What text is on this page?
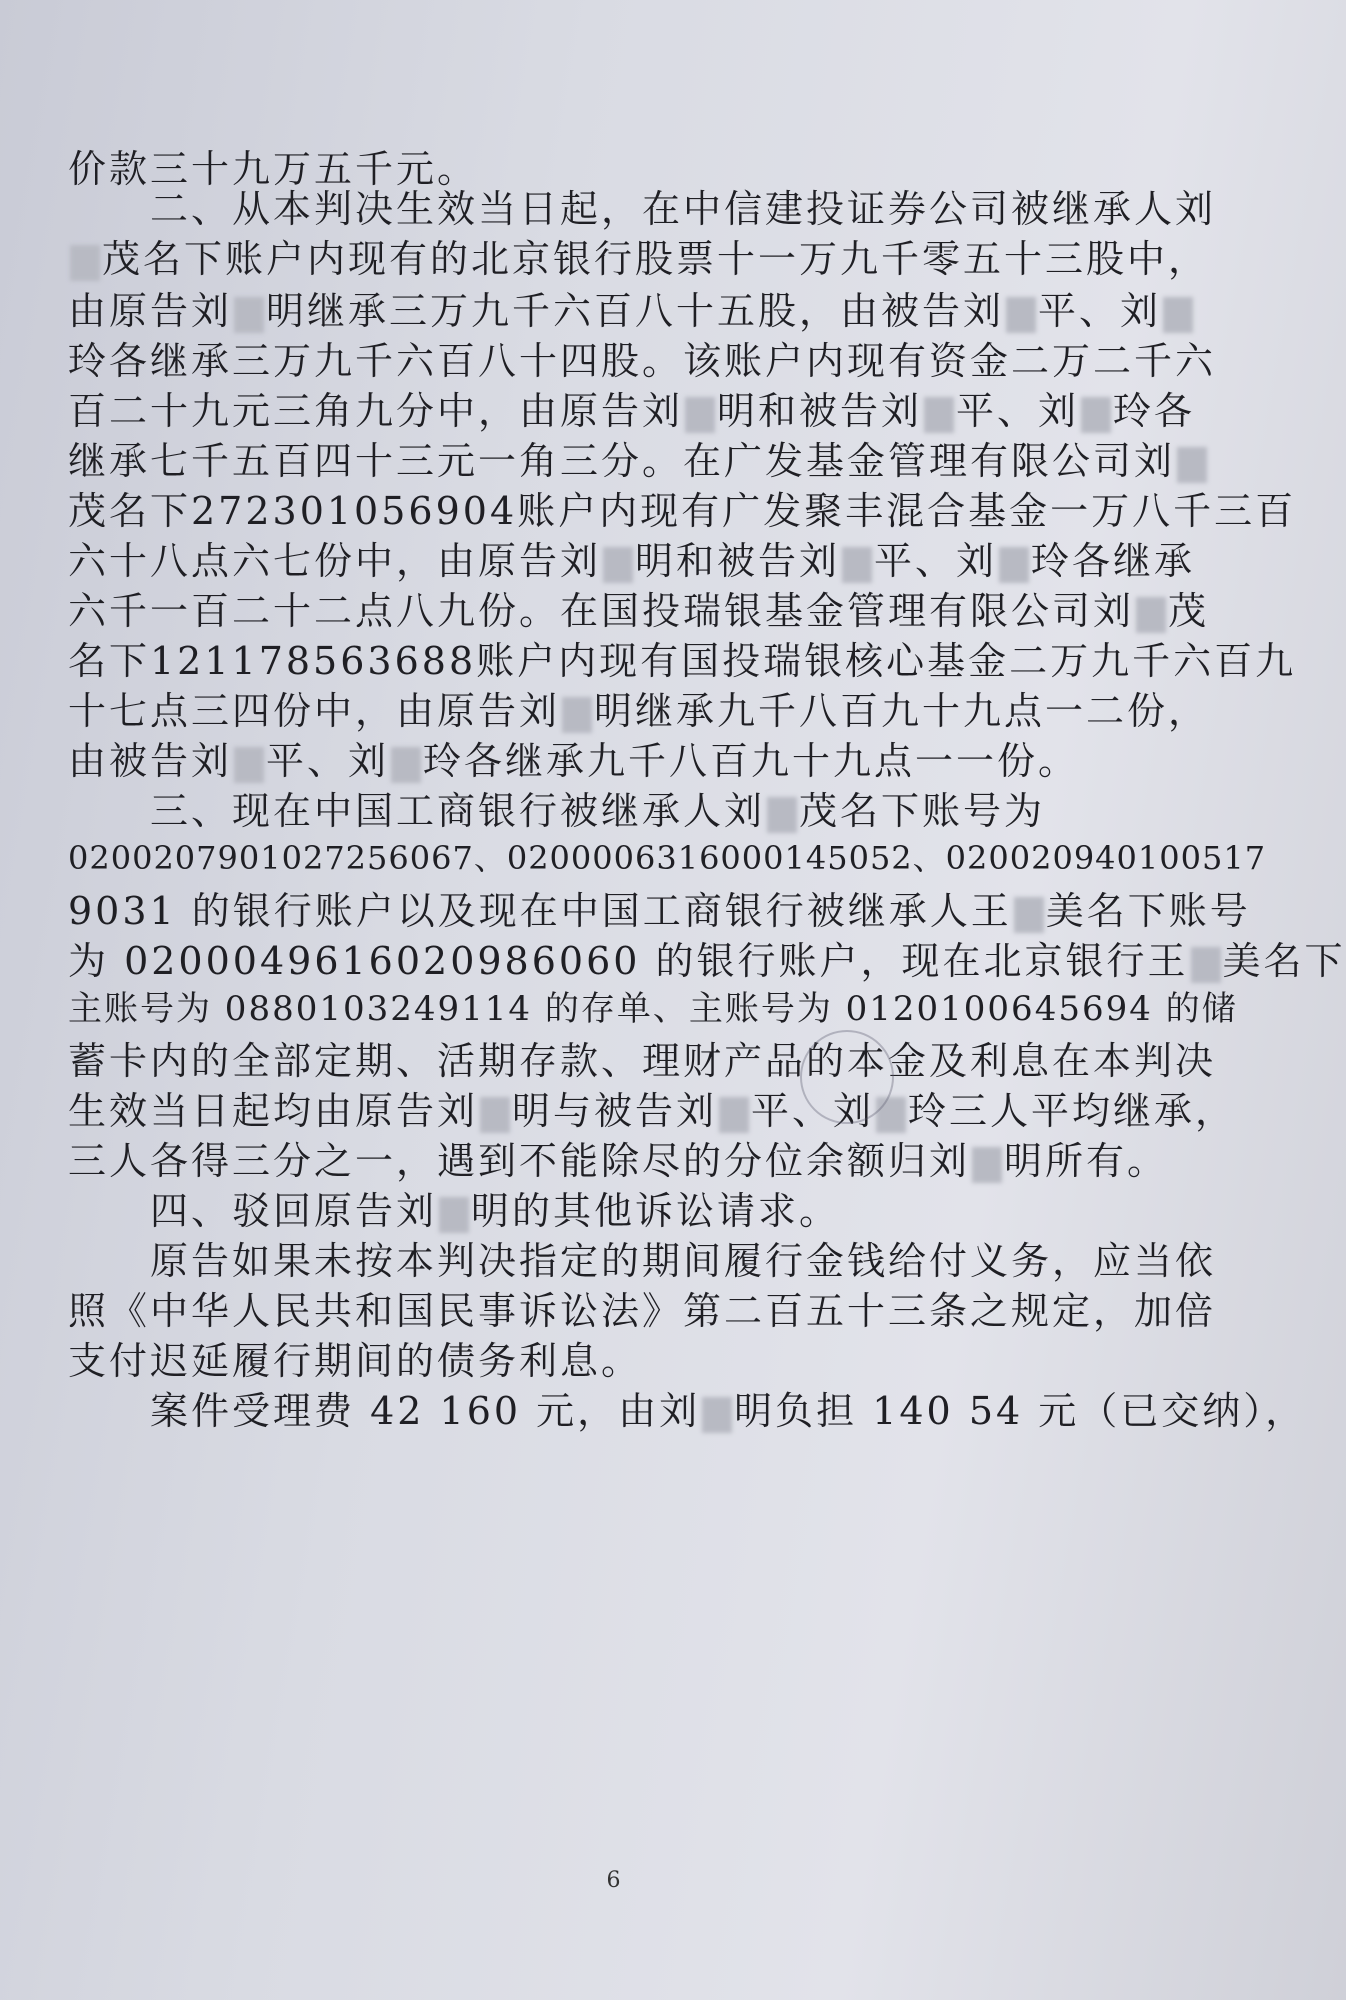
价款三十九万五千元。
二、从本判决生效当日起，在中信建投证券公司被继承人刘
茂名下账户内现有的北京银行股票十一万九千零五十三股中，
由原告刘 明继承三万九千六百八十五股，由被告刘 平、刘
玲各继承三万九千六百八十四股。该账户内现有资金二万二千六
百二十九元三角九分中，由原告刘 明和被告刘 平、刘 玲各
继承七千五百四十三元一角三分。在广发基金管理有限公司刘
茂名下272301056904账户内现有广发聚丰混合基金一万八千三百
六十八点六七份中，由原告刘 明和被告刘 平、刘 玲各继承
六千一百二十二点八九份。在国投瑞银基金管理有限公司刘 茂
名下121178563688账户内现有国投瑞银核心基金二万九千六百九
十七点三四份中，由原告刘 明继承九千八百九十九点一二份，
由被告刘 平、刘 玲各继承九千八百九十九点一一份。
三、现在中国工商银行被继承人刘 茂名下账号为
0200207901027256067、0200006316000145052、020020940100517
9031 的银行账户以及现在中国工商银行被继承人王 美名下账号
为 0200049616020986060 的银行账户，现在北京银行王 美名下
主账号为 0880103249114 的存单、主账号为 0120100645694 的储
蓄卡内的全部定期、活期存款、理财产品的本金及利息在本判决
生效当日起均由原告刘 明与被告刘 平、刘 玲三人平均继承，
三人各得三分之一，遇到不能除尽的分位余额归刘 明所有。
四、驳回原告刘 明的其他诉讼请求。
原告如果未按本判决指定的期间履行金钱给付义务，应当依
照《中华人民共和国民事诉讼法》第二百五十三条之规定，加倍
支付迟延履行期间的债务利息。
案件受理费 42 160 元，由刘 明负担 140 54 元（已交纳），
6
